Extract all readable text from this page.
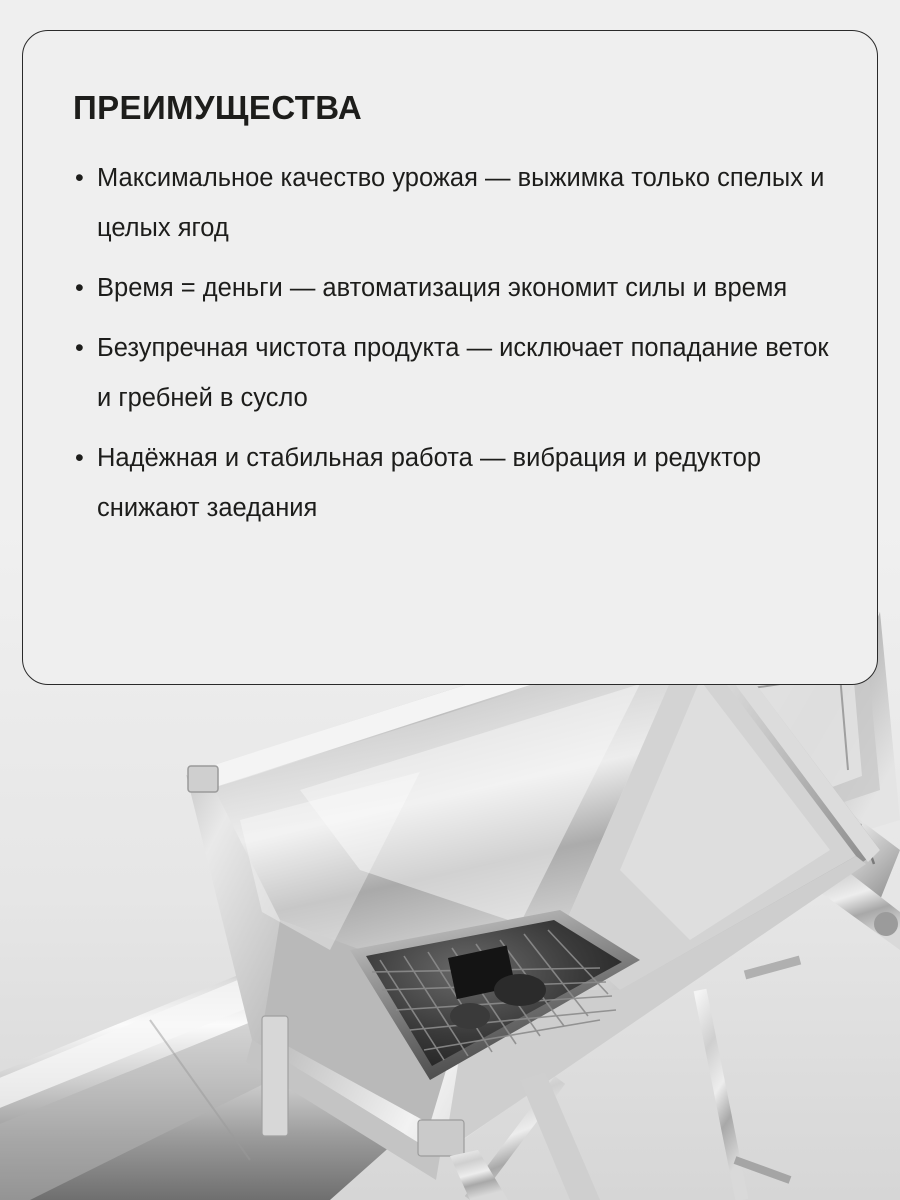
ПРЕИМУЩЕСТВА
• Максимальное качество урожая — выжимка только спелых и целых ягод
• Время = деньги — автоматизация экономит силы и время
• Безупречная чистота продукта — исключает попадание веток и гребней в сусло
• Надёжная и стабильная работа — вибрация и редуктор снижают заедания
